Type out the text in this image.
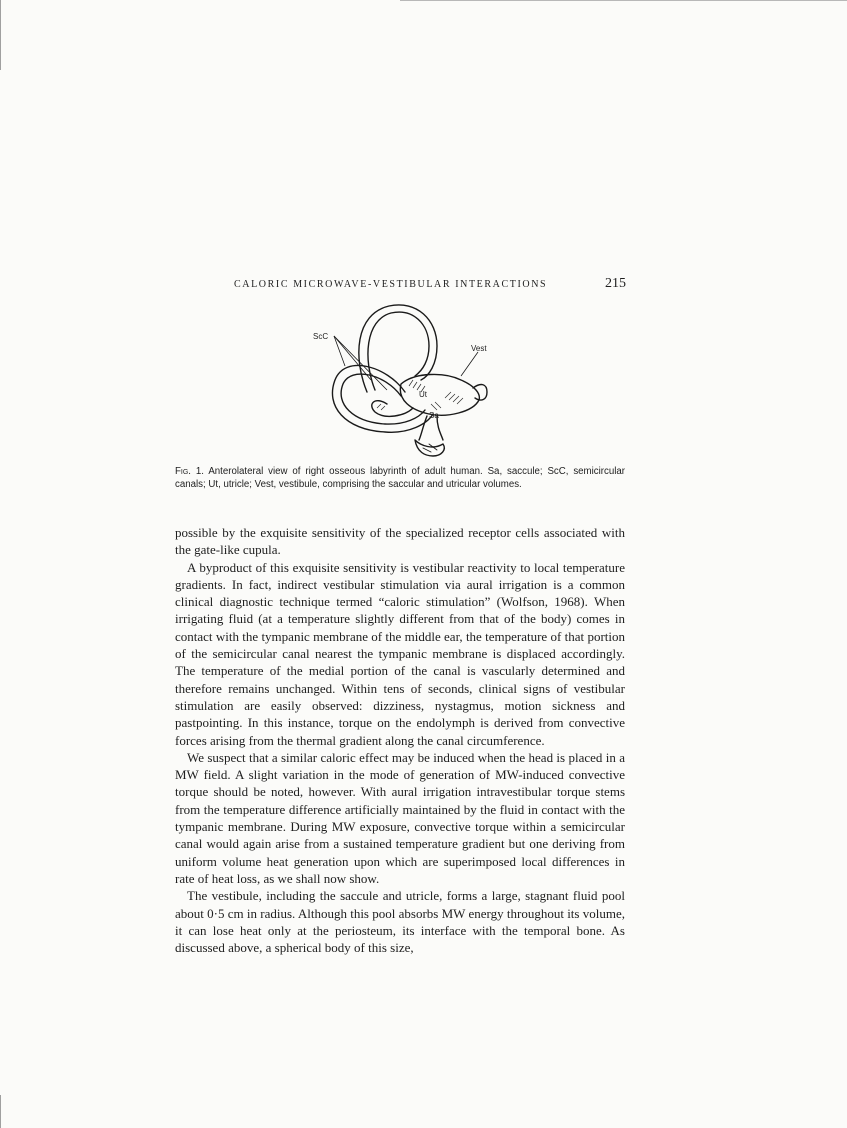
CALORIC MICROWAVE-VESTIBULAR INTERACTIONS	215
ScC
Vest
Ut
Sa
Fig. 1. Anterolateral view of right osseous labyrinth of adult human. Sa, saccule; ScC, semicircular canals; Ut, utricle; Vest, vestibule, comprising the saccular and utricular volumes.

possible by the exquisite sensitivity of the specialized receptor cells associated with the gate-like cupula.

A byproduct of this exquisite sensitivity is vestibular reactivity to local temperature gradients. In fact, indirect vestibular stimulation via aural irrigation is a common clinical diagnostic technique termed “caloric stimulation” (Wolfson, 1968). When irrigating fluid (at a temperature slightly different from that of the body) comes in contact with the tympanic membrane of the middle ear, the temperature of that portion of the semicircular canal nearest the tympanic membrane is displaced accordingly. The temperature of the medial portion of the canal is vascularly determined and therefore remains unchanged. Within tens of seconds, clinical signs of vestibular stimulation are easily observed: dizziness, nystagmus, motion sickness and pastpointing. In this instance, torque on the endolymph is derived from convective forces arising from the thermal gradient along the canal circumference.

We suspect that a similar caloric effect may be induced when the head is placed in a MW field. A slight variation in the mode of generation of MW-induced convective torque should be noted, however. With aural irrigation intravestibular torque stems from the temperature difference artificially maintained by the fluid in contact with the tympanic membrane. During MW exposure, convective torque within a semicircular canal would again arise from a sustained temperature gradient but one deriving from uniform volume heat generation upon which are superimposed local differences in rate of heat loss, as we shall now show.

The vestibule, including the saccule and utricle, forms a large, stagnant fluid pool about 0·5 cm in radius. Although this pool absorbs MW energy throughout its volume, it can lose heat only at the periosteum, its interface with the temporal bone. As discussed above, a spherical body of this size,
